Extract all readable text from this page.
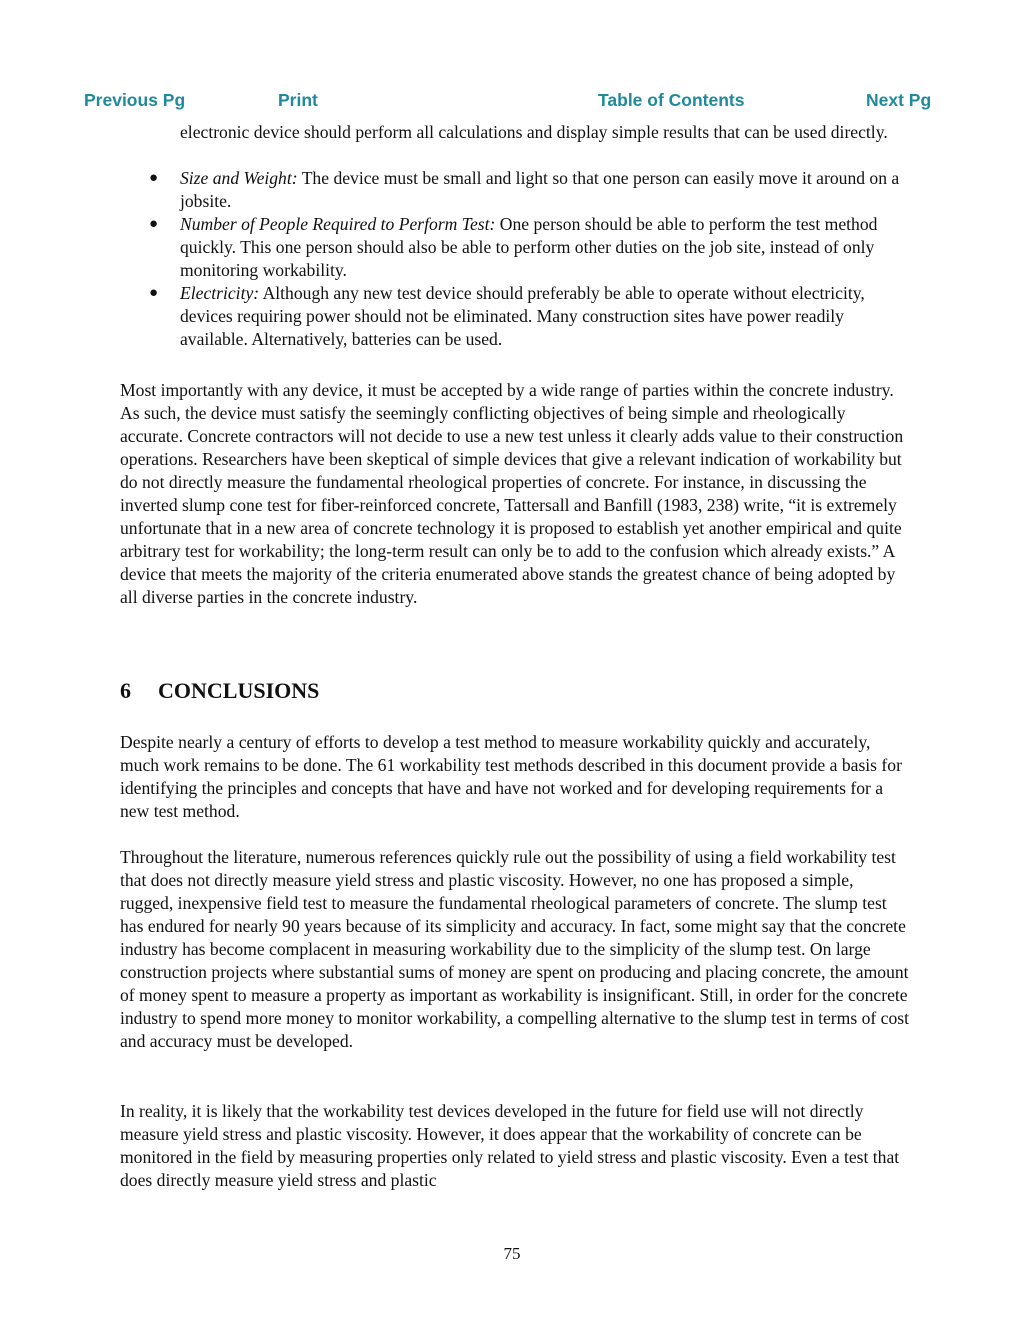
Previous Pg	Print	Table of Contents	Next Pg

electronic device should perform all calculations and display simple results that can be used directly.

● Size and Weight: The device must be small and light so that one person can easily move it around on a jobsite.
● Number of People Required to Perform Test: One person should be able to perform the test method quickly. This one person should also be able to perform other duties on the job site, instead of only monitoring workability.
● Electricity: Although any new test device should preferably be able to operate without electricity, devices requiring power should not be eliminated. Many construction sites have power readily available. Alternatively, batteries can be used.

Most importantly with any device, it must be accepted by a wide range of parties within the concrete industry. As such, the device must satisfy the seemingly conflicting objectives of being simple and rheologically accurate. Concrete contractors will not decide to use a new test unless it clearly adds value to their construction operations. Researchers have been skeptical of simple devices that give a relevant indication of workability but do not directly measure the fundamental rheological properties of concrete. For instance, in discussing the inverted slump cone test for fiber-reinforced concrete, Tattersall and Banfill (1983, 238) write, “it is extremely unfortunate that in a new area of concrete technology it is proposed to establish yet another empirical and quite arbitrary test for workability; the long-term result can only be to add to the confusion which already exists.” A device that meets the majority of the criteria enumerated above stands the greatest chance of being adopted by all diverse parties in the concrete industry.

6 CONCLUSIONS

Despite nearly a century of efforts to develop a test method to measure workability quickly and accurately, much work remains to be done. The 61 workability test methods described in this document provide a basis for identifying the principles and concepts that have and have not worked and for developing requirements for a new test method.

Throughout the literature, numerous references quickly rule out the possibility of using a field workability test that does not directly measure yield stress and plastic viscosity. However, no one has proposed a simple, rugged, inexpensive field test to measure the fundamental rheological parameters of concrete. The slump test has endured for nearly 90 years because of its simplicity and accuracy. In fact, some might say that the concrete industry has become complacent in measuring workability due to the simplicity of the slump test. On large construction projects where substantial sums of money are spent on producing and placing concrete, the amount of money spent to measure a property as important as workability is insignificant. Still, in order for the concrete industry to spend more money to monitor workability, a compelling alternative to the slump test in terms of cost and accuracy must be developed.

In reality, it is likely that the workability test devices developed in the future for field use will not directly measure yield stress and plastic viscosity. However, it does appear that the workability of concrete can be monitored in the field by measuring properties only related to yield stress and plastic viscosity. Even a test that does directly measure yield stress and plastic

75
